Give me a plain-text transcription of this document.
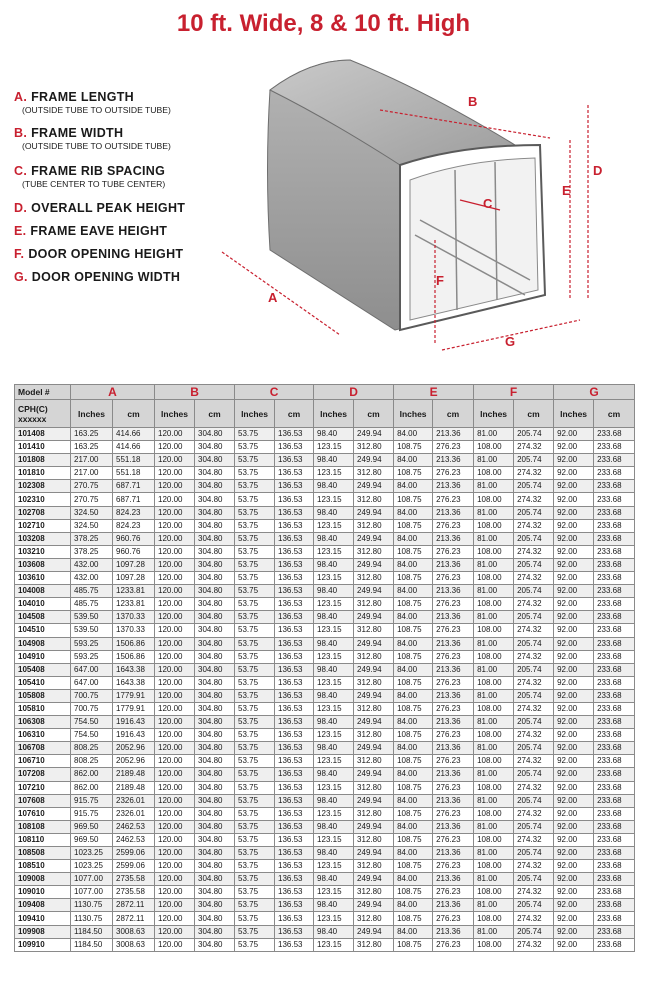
10 ft. Wide, 8 & 10 ft. High
A. FRAME LENGTH
(OUTSIDE TUBE TO OUTSIDE TUBE)
B. FRAME WIDTH
(OUTSIDE TUBE TO OUTSIDE TUBE)
C. FRAME RIB SPACING
(TUBE CENTER TO TUBE CENTER)
D. OVERALL PEAK HEIGHT
E. FRAME EAVE HEIGHT
F. DOOR OPENING HEIGHT
G. DOOR OPENING WIDTH
A
B
C
D
E
F
G
Model #	A		B		C		D		E		F		G	
CPH(C)
xxxxxx	Inches	cm	Inches	cm	Inches	cm	Inches	cm	Inches	cm	Inches	cm	Inches	cm
101408	163.25	414.66	120.00	304.80	53.75	136.53	98.40	249.94	84.00	213.36	81.00	205.74	92.00	233.68
101410	163.25	414.66	120.00	304.80	53.75	136.53	123.15	312.80	108.75	276.23	108.00	274.32	92.00	233.68
101808	217.00	551.18	120.00	304.80	53.75	136.53	98.40	249.94	84.00	213.36	81.00	205.74	92.00	233.68
101810	217.00	551.18	120.00	304.80	53.75	136.53	123.15	312.80	108.75	276.23	108.00	274.32	92.00	233.68
102308	270.75	687.71	120.00	304.80	53.75	136.53	98.40	249.94	84.00	213.36	81.00	205.74	92.00	233.68
102310	270.75	687.71	120.00	304.80	53.75	136.53	123.15	312.80	108.75	276.23	108.00	274.32	92.00	233.68
102708	324.50	824.23	120.00	304.80	53.75	136.53	98.40	249.94	84.00	213.36	81.00	205.74	92.00	233.68
102710	324.50	824.23	120.00	304.80	53.75	136.53	123.15	312.80	108.75	276.23	108.00	274.32	92.00	233.68
103208	378.25	960.76	120.00	304.80	53.75	136.53	98.40	249.94	84.00	213.36	81.00	205.74	92.00	233.68
103210	378.25	960.76	120.00	304.80	53.75	136.53	123.15	312.80	108.75	276.23	108.00	274.32	92.00	233.68
103608	432.00	1097.28	120.00	304.80	53.75	136.53	98.40	249.94	84.00	213.36	81.00	205.74	92.00	233.68
103610	432.00	1097.28	120.00	304.80	53.75	136.53	123.15	312.80	108.75	276.23	108.00	274.32	92.00	233.68
104008	485.75	1233.81	120.00	304.80	53.75	136.53	98.40	249.94	84.00	213.36	81.00	205.74	92.00	233.68
104010	485.75	1233.81	120.00	304.80	53.75	136.53	123.15	312.80	108.75	276.23	108.00	274.32	92.00	233.68
104508	539.50	1370.33	120.00	304.80	53.75	136.53	98.40	249.94	84.00	213.36	81.00	205.74	92.00	233.68
104510	539.50	1370.33	120.00	304.80	53.75	136.53	123.15	312.80	108.75	276.23	108.00	274.32	92.00	233.68
104908	593.25	1506.86	120.00	304.80	53.75	136.53	98.40	249.94	84.00	213.36	81.00	205.74	92.00	233.68
104910	593.25	1506.86	120.00	304.80	53.75	136.53	123.15	312.80	108.75	276.23	108.00	274.32	92.00	233.68
105408	647.00	1643.38	120.00	304.80	53.75	136.53	98.40	249.94	84.00	213.36	81.00	205.74	92.00	233.68
105410	647.00	1643.38	120.00	304.80	53.75	136.53	123.15	312.80	108.75	276.23	108.00	274.32	92.00	233.68
105808	700.75	1779.91	120.00	304.80	53.75	136.53	98.40	249.94	84.00	213.36	81.00	205.74	92.00	233.68
105810	700.75	1779.91	120.00	304.80	53.75	136.53	123.15	312.80	108.75	276.23	108.00	274.32	92.00	233.68
106308	754.50	1916.43	120.00	304.80	53.75	136.53	98.40	249.94	84.00	213.36	81.00	205.74	92.00	233.68
106310	754.50	1916.43	120.00	304.80	53.75	136.53	123.15	312.80	108.75	276.23	108.00	274.32	92.00	233.68
106708	808.25	2052.96	120.00	304.80	53.75	136.53	98.40	249.94	84.00	213.36	81.00	205.74	92.00	233.68
106710	808.25	2052.96	120.00	304.80	53.75	136.53	123.15	312.80	108.75	276.23	108.00	274.32	92.00	233.68
107208	862.00	2189.48	120.00	304.80	53.75	136.53	98.40	249.94	84.00	213.36	81.00	205.74	92.00	233.68
107210	862.00	2189.48	120.00	304.80	53.75	136.53	123.15	312.80	108.75	276.23	108.00	274.32	92.00	233.68
107608	915.75	2326.01	120.00	304.80	53.75	136.53	98.40	249.94	84.00	213.36	81.00	205.74	92.00	233.68
107610	915.75	2326.01	120.00	304.80	53.75	136.53	123.15	312.80	108.75	276.23	108.00	274.32	92.00	233.68
108108	969.50	2462.53	120.00	304.80	53.75	136.53	98.40	249.94	84.00	213.36	81.00	205.74	92.00	233.68
108110	969.50	2462.53	120.00	304.80	53.75	136.53	123.15	312.80	108.75	276.23	108.00	274.32	92.00	233.68
108508	1023.25	2599.06	120.00	304.80	53.75	136.53	98.40	249.94	84.00	213.36	81.00	205.74	92.00	233.68
108510	1023.25	2599.06	120.00	304.80	53.75	136.53	123.15	312.80	108.75	276.23	108.00	274.32	92.00	233.68
109008	1077.00	2735.58	120.00	304.80	53.75	136.53	98.40	249.94	84.00	213.36	81.00	205.74	92.00	233.68
109010	1077.00	2735.58	120.00	304.80	53.75	136.53	123.15	312.80	108.75	276.23	108.00	274.32	92.00	233.68
109408	1130.75	2872.11	120.00	304.80	53.75	136.53	98.40	249.94	84.00	213.36	81.00	205.74	92.00	233.68
109410	1130.75	2872.11	120.00	304.80	53.75	136.53	123.15	312.80	108.75	276.23	108.00	274.32	92.00	233.68
109908	1184.50	3008.63	120.00	304.80	53.75	136.53	98.40	249.94	84.00	213.36	81.00	205.74	92.00	233.68
109910	1184.50	3008.63	120.00	304.80	53.75	136.53	123.15	312.80	108.75	276.23	108.00	274.32	92.00	233.68
